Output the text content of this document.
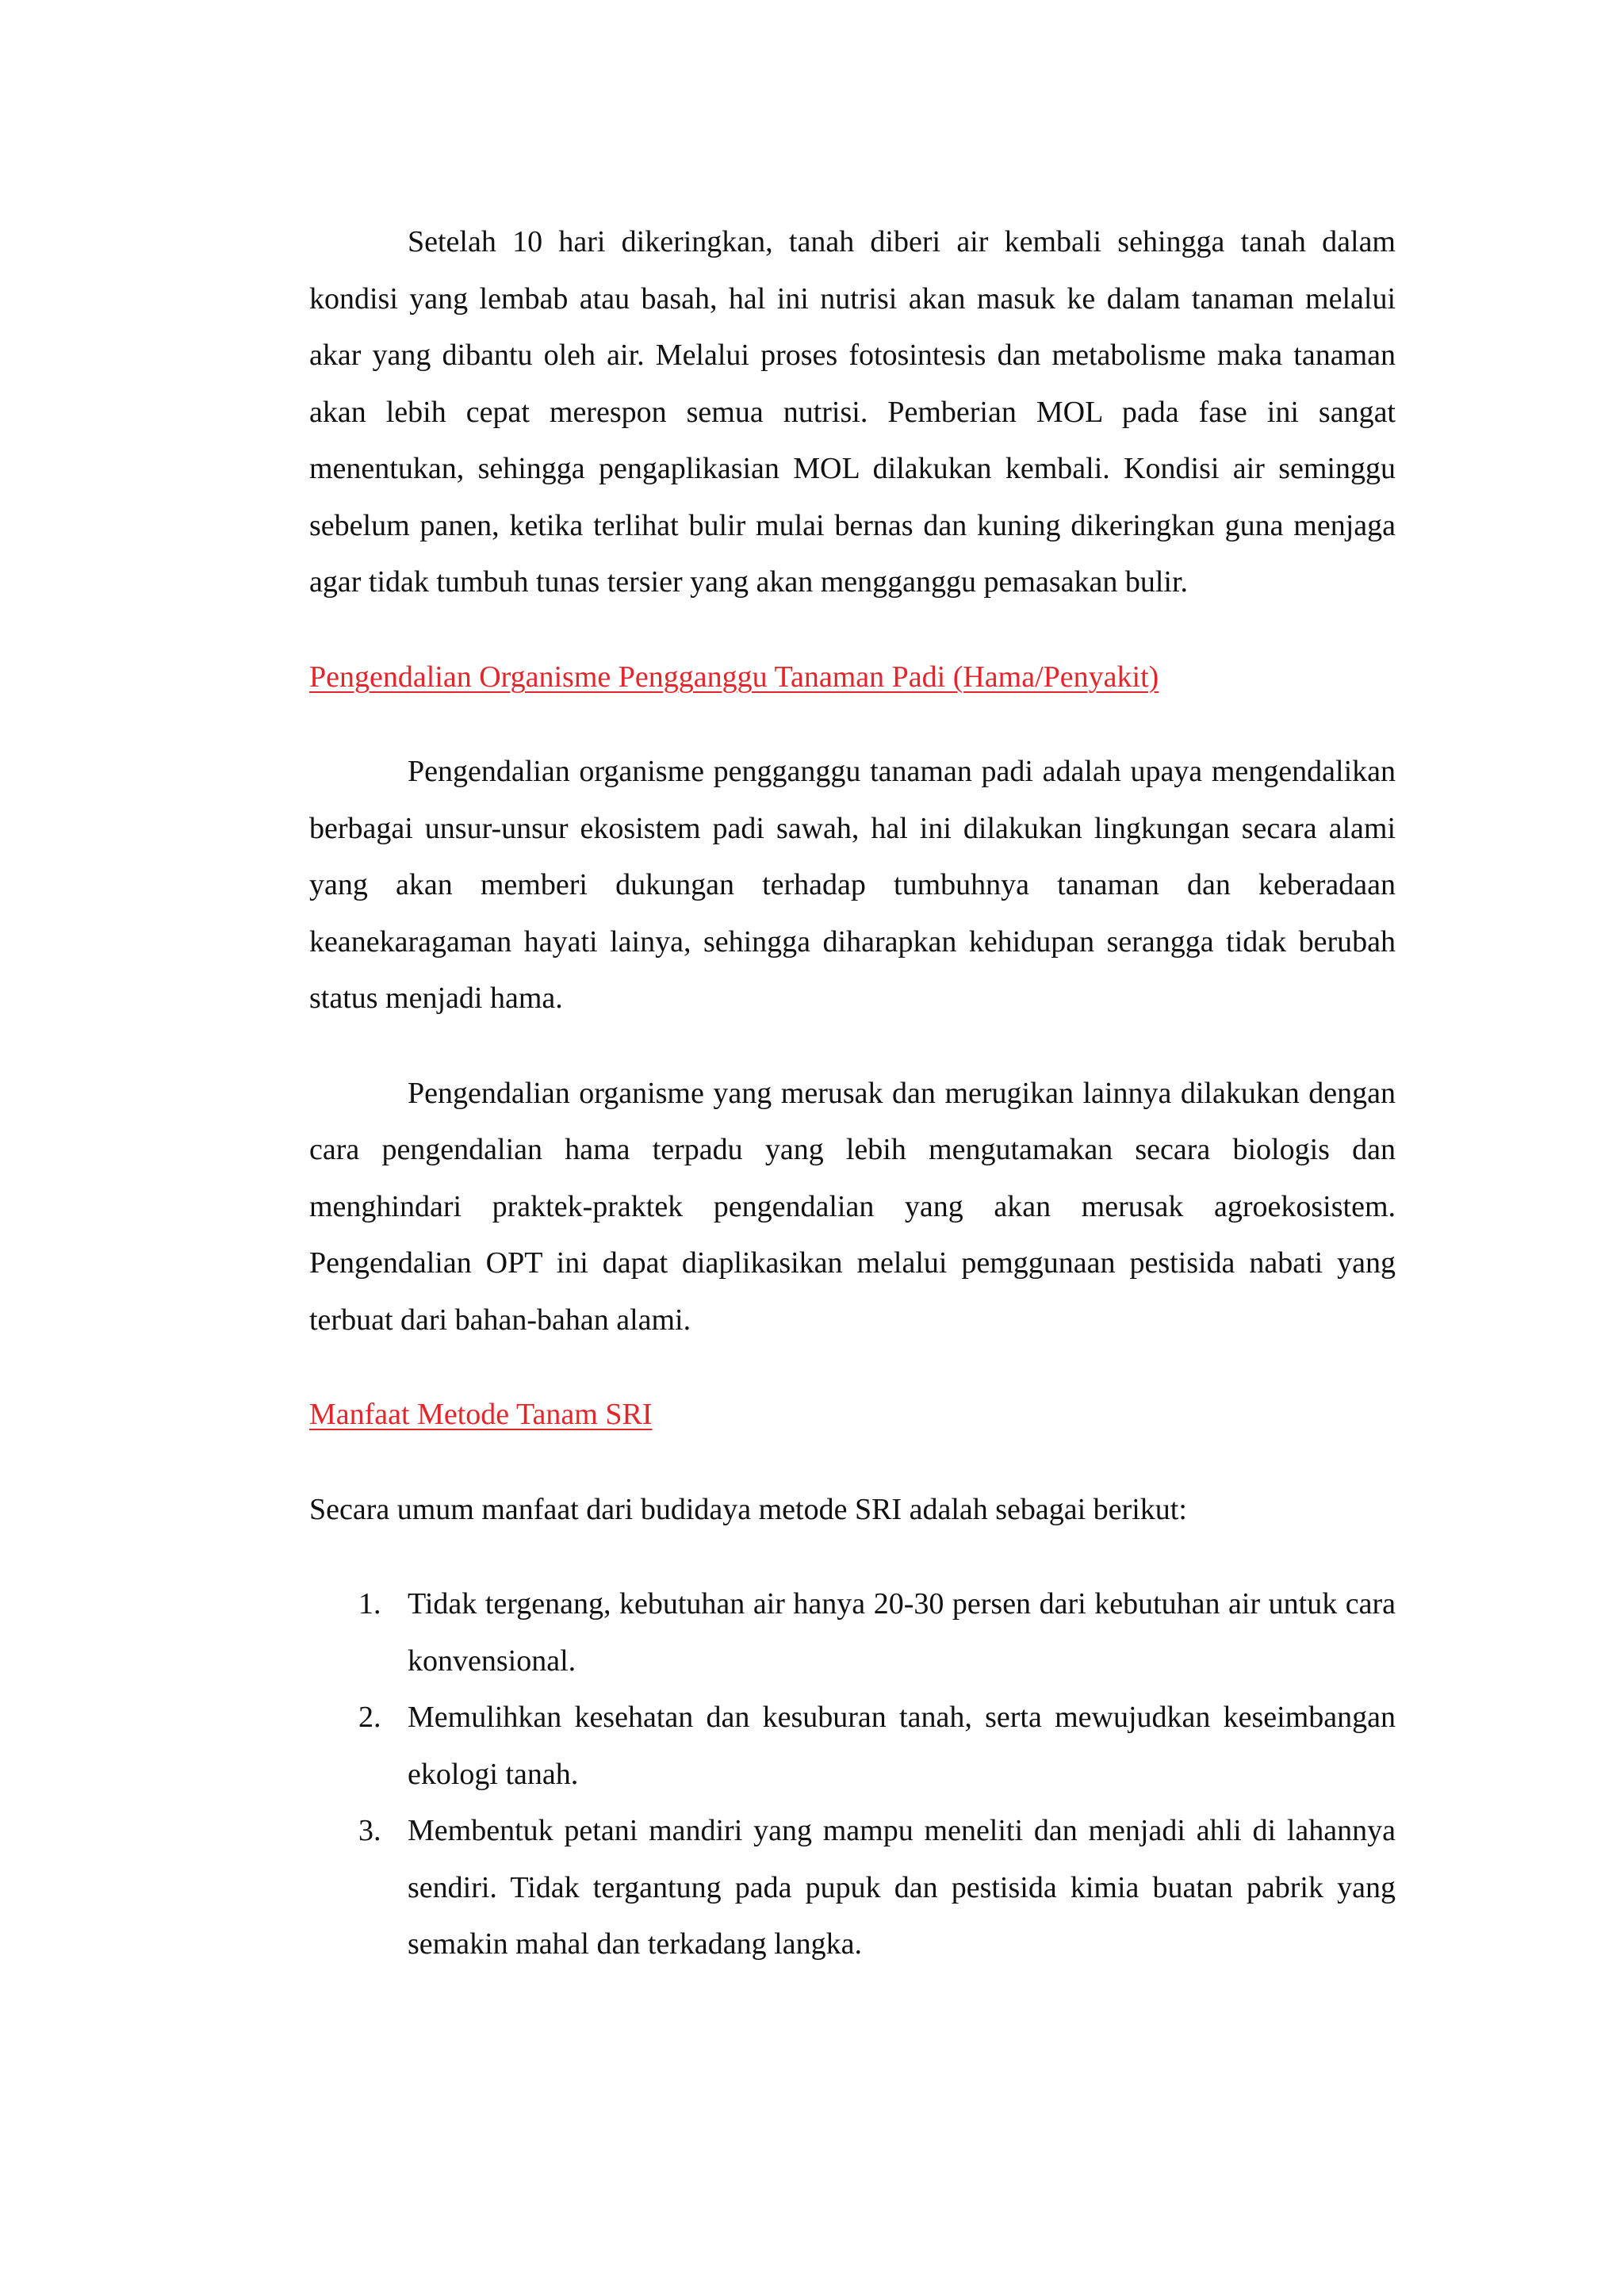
Setelah 10 hari dikeringkan, tanah diberi air kembali sehingga tanah dalam kondisi yang lembab atau basah, hal ini nutrisi akan masuk ke dalam tanaman melalui akar yang dibantu oleh air. Melalui proses fotosintesis dan metabolisme maka tanaman akan lebih cepat merespon semua nutrisi. Pemberian MOL pada fase ini sangat menentukan, sehingga pengaplikasian MOL dilakukan kembali. Kondisi air seminggu sebelum panen, ketika terlihat bulir mulai bernas dan kuning dikeringkan guna menjaga agar tidak tumbuh tunas tersier yang akan mengganggu pemasakan bulir.

Pengendalian Organisme Pengganggu Tanaman Padi (Hama/Penyakit)

Pengendalian organisme pengganggu tanaman padi adalah upaya mengendalikan berbagai unsur-unsur ekosistem padi sawah, hal ini dilakukan lingkungan secara alami yang akan memberi dukungan terhadap tumbuhnya tanaman dan keberadaan keanekaragaman hayati lainya, sehingga diharapkan kehidupan serangga tidak berubah status menjadi hama.

Pengendalian organisme yang merusak dan merugikan lainnya dilakukan dengan cara pengendalian hama terpadu yang lebih mengutamakan secara biologis dan menghindari praktek-praktek pengendalian yang akan merusak agroekosistem. Pengendalian OPT ini dapat diaplikasikan melalui pemggunaan pestisida nabati yang terbuat dari bahan-bahan alami.

Manfaat Metode Tanam SRI

Secara umum manfaat dari budidaya metode SRI adalah sebagai berikut:

1. Tidak tergenang, kebutuhan air hanya 20-30 persen dari kebutuhan air untuk cara konvensional.
2. Memulihkan kesehatan dan kesuburan tanah, serta mewujudkan keseimbangan ekologi tanah.
3. Membentuk petani mandiri yang mampu meneliti dan menjadi ahli di lahannya sendiri. Tidak tergantung pada pupuk dan pestisida kimia buatan pabrik yang semakin mahal dan terkadang langka.
